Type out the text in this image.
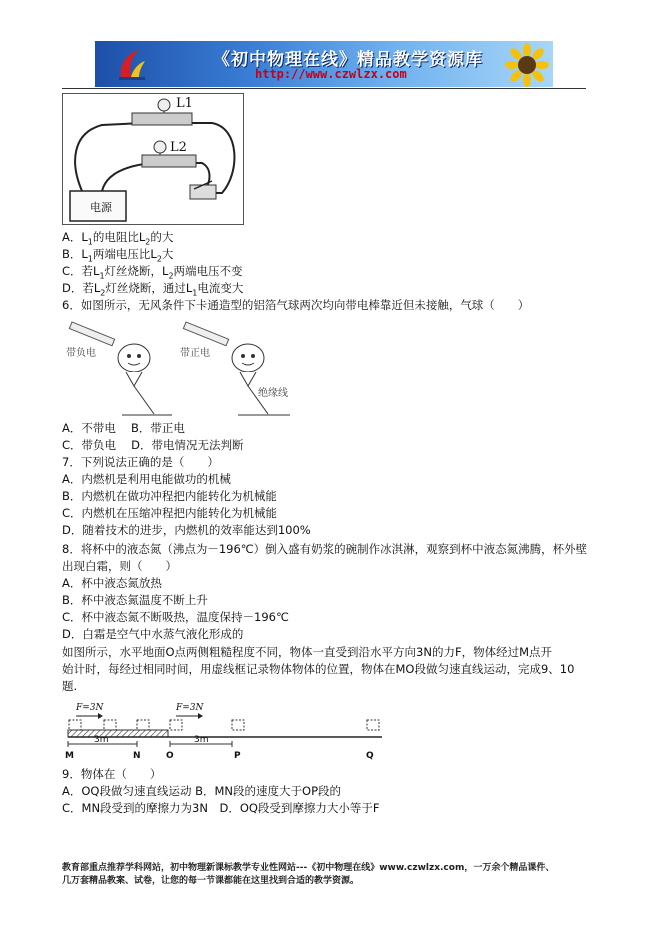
《初中物理在线》精品教学资源库
http://www.czwlzx.com
L1
L2
电源
A．$L_1$的电阻比$L_2$的大
B．$L_1$两端电压比$L_2$大
C．若$L_1$灯丝烧断，$L_2$两端电压不变
D．若$L_2$灯丝烧断，通过$L_1$电流变大
6．如图所示，无风条件下卡通造型的铝箔气球两次均向带电棒靠近但未接触，气球（　　）
带负电	带正电
绝缘线
A．不带电　 B．带正电
C．带负电　 D．带电情况无法判断
7．下列说法正确的是（　　）
A．内燃机是利用电能做功的机械
B．内燃机在做功冲程把内能转化为机械能
C．内燃机在压缩冲程把内能转化为机械能
D．随着技术的进步，内燃机的效率能达到100%
8．将杯中的液态氮（沸点为－196℃）倒入盛有奶浆的碗制作冰淇淋，观察到杯中液态氮沸腾，杯外壁
出现白霜，则（　　）
A．杯中液态氮放热
B．杯中液态氮温度不断上升
C．杯中液态氮不断吸热，温度保持－196℃
D．白霜是空气中水蒸气液化形成的
如图所示，水平地面O点两侧粗糙程度不同，物体一直受到沿水平方向3N的力F，物体经过M点开
始计时，每经过相同时间，用虚线框记录物体物体的位置，物体在MO段做匀速直线运动，完成9、10
题.
F=3N	F=3N
3m	3m
M	N	O	P	Q
9．物体在（　　）
A．OQ段做匀速直线运动 B．MN段的速度大于OP段的
C．MN段受到的摩擦力为3N　D．OQ段受到摩擦力大小等于F
教育部重点推荐学科网站，初中物理新课标教学专业性网站---《初中物理在线》www.czwlzx.com，一万余个精品课件、
几万套精品教案、试卷，让您的每一节课都能在这里找到合适的教学资源。
